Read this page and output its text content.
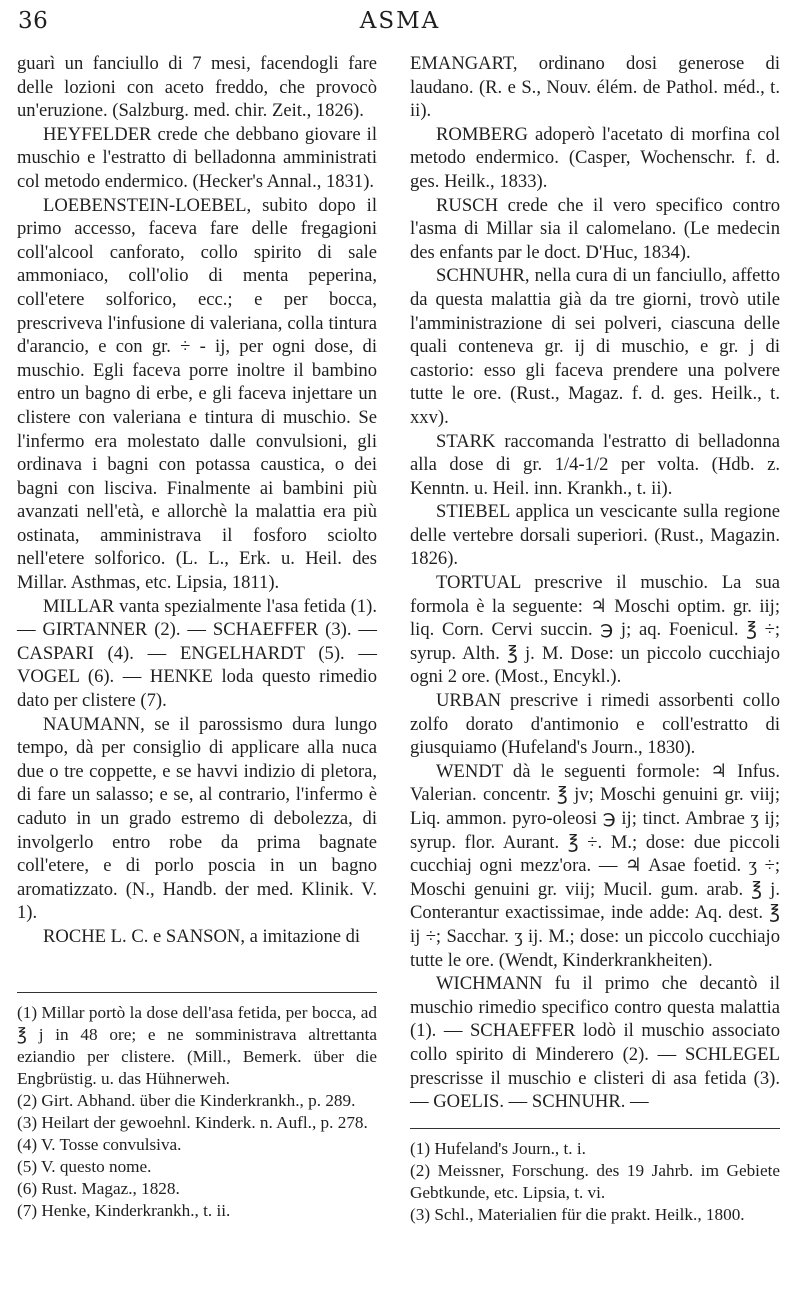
36	ASMA

guarì un fanciullo di 7 mesi, facendogli fare delle lozioni con aceto freddo, che provocò un'eruzione. (Salzburg. med. chir. Zeit., 1826).

HEYFELDER crede che debbano giovare il muschio e l'estratto di belladonna amministrati col metodo endermico. (Hecker's Annal., 1831).

LOEBENSTEIN-LOEBEL, subito dopo il primo accesso, faceva fare delle fregagioni coll'alcool canforato, collo spirito di sale ammoniaco, coll'olio di menta peperina, coll'etere solforico, ecc.; e per bocca, prescriveva l'infusione di valeriana, colla tintura d'arancio, e con gr. ÷ - ij, per ogni dose, di muschio. Egli faceva porre inoltre il bambino entro un bagno di erbe, e gli faceva injettare un clistere con valeriana e tintura di muschio. Se l'infermo era molestato dalle convulsioni, gli ordinava i bagni con potassa caustica, o dei bagni con lisciva. Finalmente ai bambini più avanzati nell'età, e allorchè la malattia era più ostinata, amministrava il fosforo sciolto nell'etere solforico. (L. L., Erk. u. Heil. des Millar. Asthmas, etc. Lipsia, 1811).

MILLAR vanta spezialmente l'asa fetida (1). — GIRTANNER (2). — SCHAEFFER (3). — CASPARI (4). — ENGELHARDT (5). — VOGEL (6). — HENKE loda questo rimedio dato per clistere (7).

NAUMANN, se il parossismo dura lungo tempo, dà per consiglio di applicare alla nuca due o tre coppette, e se havvi indizio di pletora, di fare un salasso; e se, al contrario, l'infermo è caduto in un grado estremo di debolezza, di involgerlo entro robe da prima bagnate coll'etere, e di porlo poscia in un bagno aromatizzato. (N., Handb. der med. Klinik. V. 1).

ROCHE L. C. e SANSON, a imitazione di

(1) Millar portò la dose dell'asa fetida, per bocca, ad ℥ j in 48 ore; e ne somministrava altrettanta eziandio per clistere. (Mill., Bemerk. über die Engbrüstig. u. das Hühnerweh.

(2) Girt. Abhand. über die Kinderkrankh., p. 289.

(3) Heilart der gewoehnl. Kinderk. n. Aufl., p. 278.

(4) V. Tosse convulsiva.

(5) V. questo nome.

(6) Rust. Magaz., 1828.

(7) Henke, Kinderkrankh., t. ii.

EMANGART, ordinano dosi generose di laudano. (R. e S., Nouv. élém. de Pathol. méd., t. ii).

ROMBERG adoperò l'acetato di morfina col metodo endermico. (Casper, Wochenschr. f. d. ges. Heilk., 1833).

RUSCH crede che il vero specifico contro l'asma di Millar sia il calomelano. (Le medecin des enfants par le doct. D'Huc, 1834).

SCHNUHR, nella cura di un fanciullo, affetto da questa malattia già da tre giorni, trovò utile l'amministrazione di sei polveri, ciascuna delle quali conteneva gr. ij di muschio, e gr. j di castorio: esso gli faceva prendere una polvere tutte le ore. (Rust., Magaz. f. d. ges. Heilk., t. xxv).

STARK raccomanda l'estratto di belladonna alla dose di gr. 1/4-1/2 per volta. (Hdb. z. Kenntn. u. Heil. inn. Krankh., t. ii).

STIEBEL applica un vescicante sulla regione delle vertebre dorsali superiori. (Rust., Magazin. 1826).

TORTUAL prescrive il muschio. La sua formola è la seguente: ♃ Moschi optim. gr. iij; liq. Corn. Cervi succin. ℈ j; aq. Foenicul. ℥ ÷; syrup. Alth. ℥ j. M. Dose: un piccolo cucchiajo ogni 2 ore. (Most., Encykl.).

URBAN prescrive i rimedi assorbenti collo zolfo dorato d'antimonio e coll'estratto di giusquiamo (Hufeland's Journ., 1830).

WENDT dà le seguenti formole: ♃ Infus. Valerian. concentr. ℥ jv; Moschi genuini gr. viij; Liq. ammon. pyro-oleosi ℈ ij; tinct. Ambrae ʒ ij; syrup. flor. Aurant. ℥ ÷. M.; dose: due piccoli cucchiaj ogni mezz'ora. — ♃ Asae foetid. ʒ ÷; Moschi genuini gr. viij; Mucil. gum. arab. ℥ j. Conterantur exactissimae, inde adde: Aq. dest. ℥ ij ÷; Sacchar. ʒ ij. M.; dose: un piccolo cucchiajo tutte le ore. (Wendt, Kinderkrankheiten).

WICHMANN fu il primo che decantò il muschio rimedio specifico contro questa malattia (1). — SCHAEFFER lodò il muschio associato collo spirito di Minderero (2). — SCHLEGEL prescrisse il muschio e clisteri di asa fetida (3). — GOELIS. — SCHNUHR. —

(1) Hufeland's Journ., t. i.

(2) Meissner, Forschung. des 19 Jahrb. im Gebiete Gebtkunde, etc. Lipsia, t. vi.

(3) Schl., Materialien für die prakt. Heilk., 1800.
